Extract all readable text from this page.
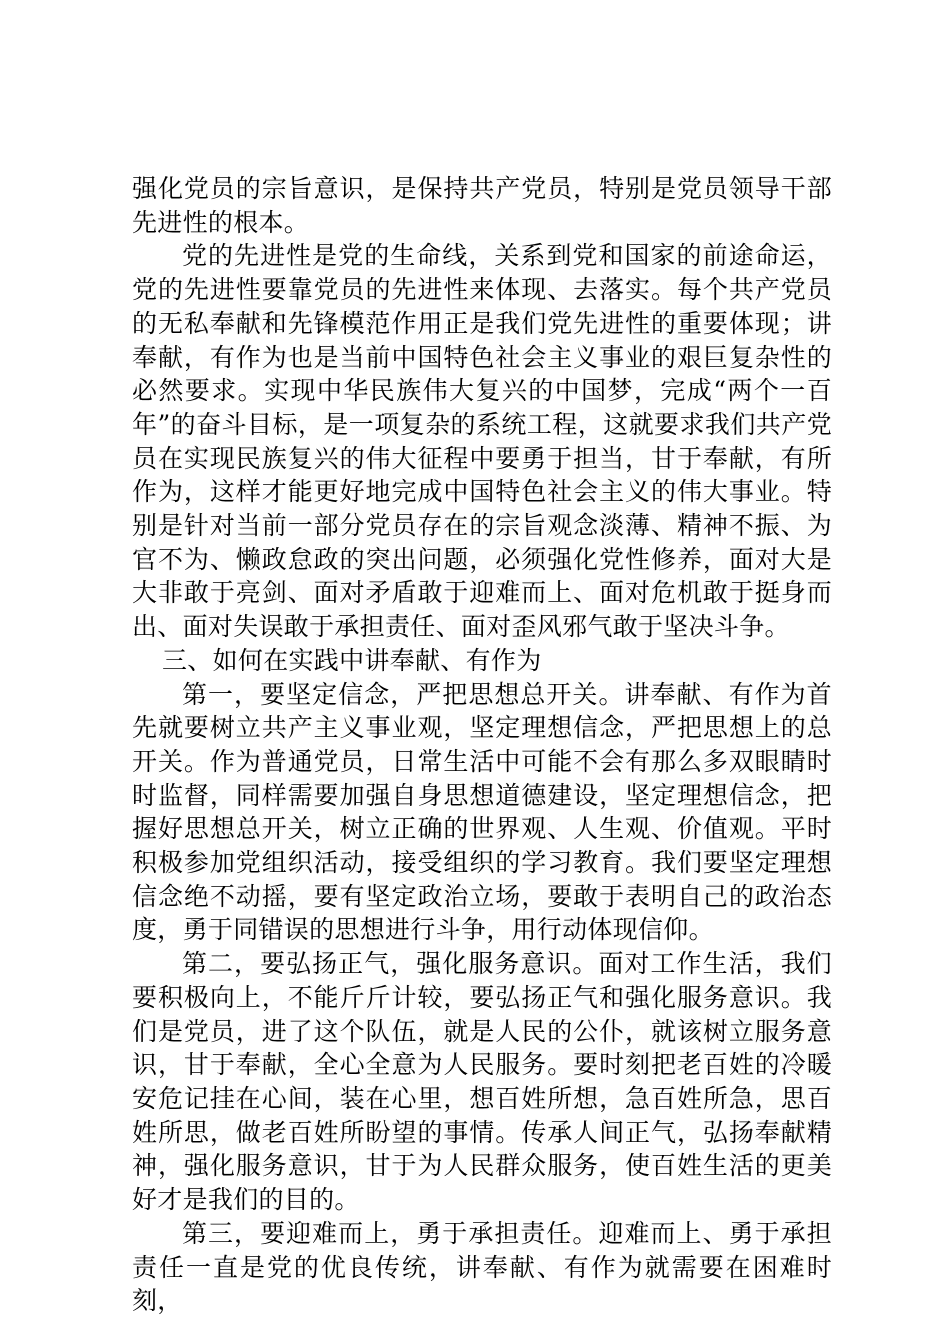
强化党员的宗旨意识，是保持共产党员，特别是党员领导干部先进性的根本。

党的先进性是党的生命线，关系到党和国家的前途命运，党的先进性要靠党员的先进性来体现、去落实。每个共产党员的无私奉献和先锋模范作用正是我们党先进性的重要体现；讲奉献，有作为也是当前中国特色社会主义事业的艰巨复杂性的必然要求。实现中华民族伟大复兴的中国梦，完成“两个一百年”的奋斗目标，是一项复杂的系统工程，这就要求我们共产党员在实现民族复兴的伟大征程中要勇于担当，甘于奉献，有所作为，这样才能更好地完成中国特色社会主义的伟大事业。特别是针对当前一部分党员存在的宗旨观念淡薄、精神不振、为官不为、懒政怠政的突出问题，必须强化党性修养，面对大是大非敢于亮剑、面对矛盾敢于迎难而上、面对危机敢于挺身而出、面对失误敢于承担责任、面对歪风邪气敢于坚决斗争。

三、如何在实践中讲奉献、有作为

第一，要坚定信念，严把思想总开关。讲奉献、有作为首先就要树立共产主义事业观，坚定理想信念，严把思想上的总开关。作为普通党员，日常生活中可能不会有那么多双眼睛时时监督，同样需要加强自身思想道德建设，坚定理想信念，把握好思想总开关，树立正确的世界观、人生观、价值观。平时积极参加党组织活动，接受组织的学习教育。我们要坚定理想信念绝不动摇，要有坚定政治立场，要敢于表明自己的政治态度，勇于同错误的思想进行斗争，用行动体现信仰。

第二，要弘扬正气，强化服务意识。面对工作生活，我们要积极向上，不能斤斤计较，要弘扬正气和强化服务意识。我们是党员，进了这个队伍，就是人民的公仆，就该树立服务意识，甘于奉献，全心全意为人民服务。要时刻把老百姓的冷暖安危记挂在心间，装在心里，想百姓所想，急百姓所急，思百姓所思，做老百姓所盼望的事情。传承人间正气，弘扬奉献精神，强化服务意识，甘于为人民群众服务，使百姓生活的更美好才是我们的目的。

第三，要迎难而上，勇于承担责任。迎难而上、勇于承担责任一直是党的优良传统，讲奉献、有作为就需要在困难时刻，
